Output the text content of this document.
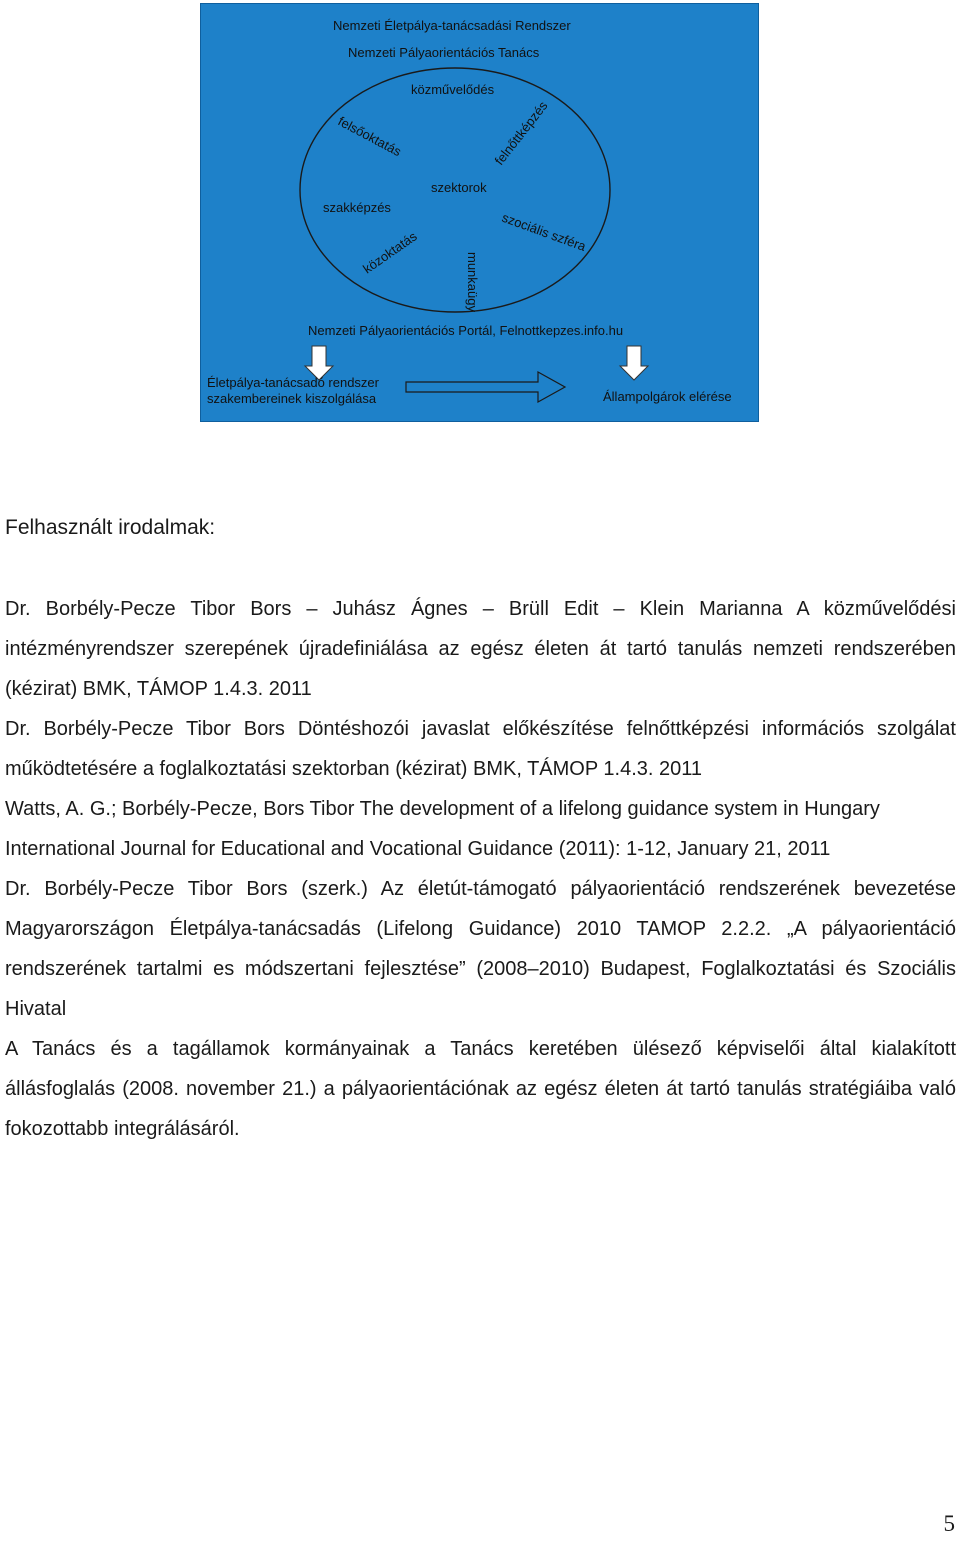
Nemzeti Életpálya-tanácsadási Rendszer
Nemzeti Pályaorientációs Tanács
közművelődés
felsőoktatás	felnőttképzés
szakképzés
szektorok
szociális szféra
közoktatás	munkaügy
Nemzeti Pályaorientációs Portál, Felnottkepzes.info.hu
Életpálya-tanácsadó rendszer
szakembereinek kiszolgálása	Állampolgárok elérése
Felhasznált irodalmak:
Dr. Borbély-Pecze Tibor Bors – Juhász Ágnes – Brüll Edit – Klein Marianna A közművelődési intézményrendszer szerepének újradefiniálása az egész életen át tartó tanulás nemzeti rendszerében (kézirat) BMK, TÁMOP 1.4.3. 2011
Dr. Borbély-Pecze Tibor Bors Döntéshozói javaslat előkészítése felnőttképzési információs szolgálat működtetésére a foglalkoztatási szektorban (kézirat) BMK, TÁMOP 1.4.3. 2011
Watts, A. G.; Borbély-Pecze, Bors Tibor The development of a lifelong guidance system in Hungary
International Journal for Educational and Vocational Guidance (2011): 1-12, January 21, 2011
Dr. Borbély-Pecze Tibor Bors (szerk.) Az életút-támogató pályaorientáció rendszerének bevezetése Magyarországon Életpálya-tanácsadás (Lifelong Guidance) 2010 TAMOP 2.2.2. „A pályaorientáció rendszerének tartalmi es módszertani fejlesztése” (2008–2010) Budapest, Foglalkoztatási és Szociális Hivatal
A Tanács és a tagállamok kormányainak a Tanács keretében ülésező képviselői által kialakított állásfoglalás (2008. november 21.) a pályaorientációnak az egész életen át tartó tanulás stratégiáiba való fokozottabb integrálásáról.
5
